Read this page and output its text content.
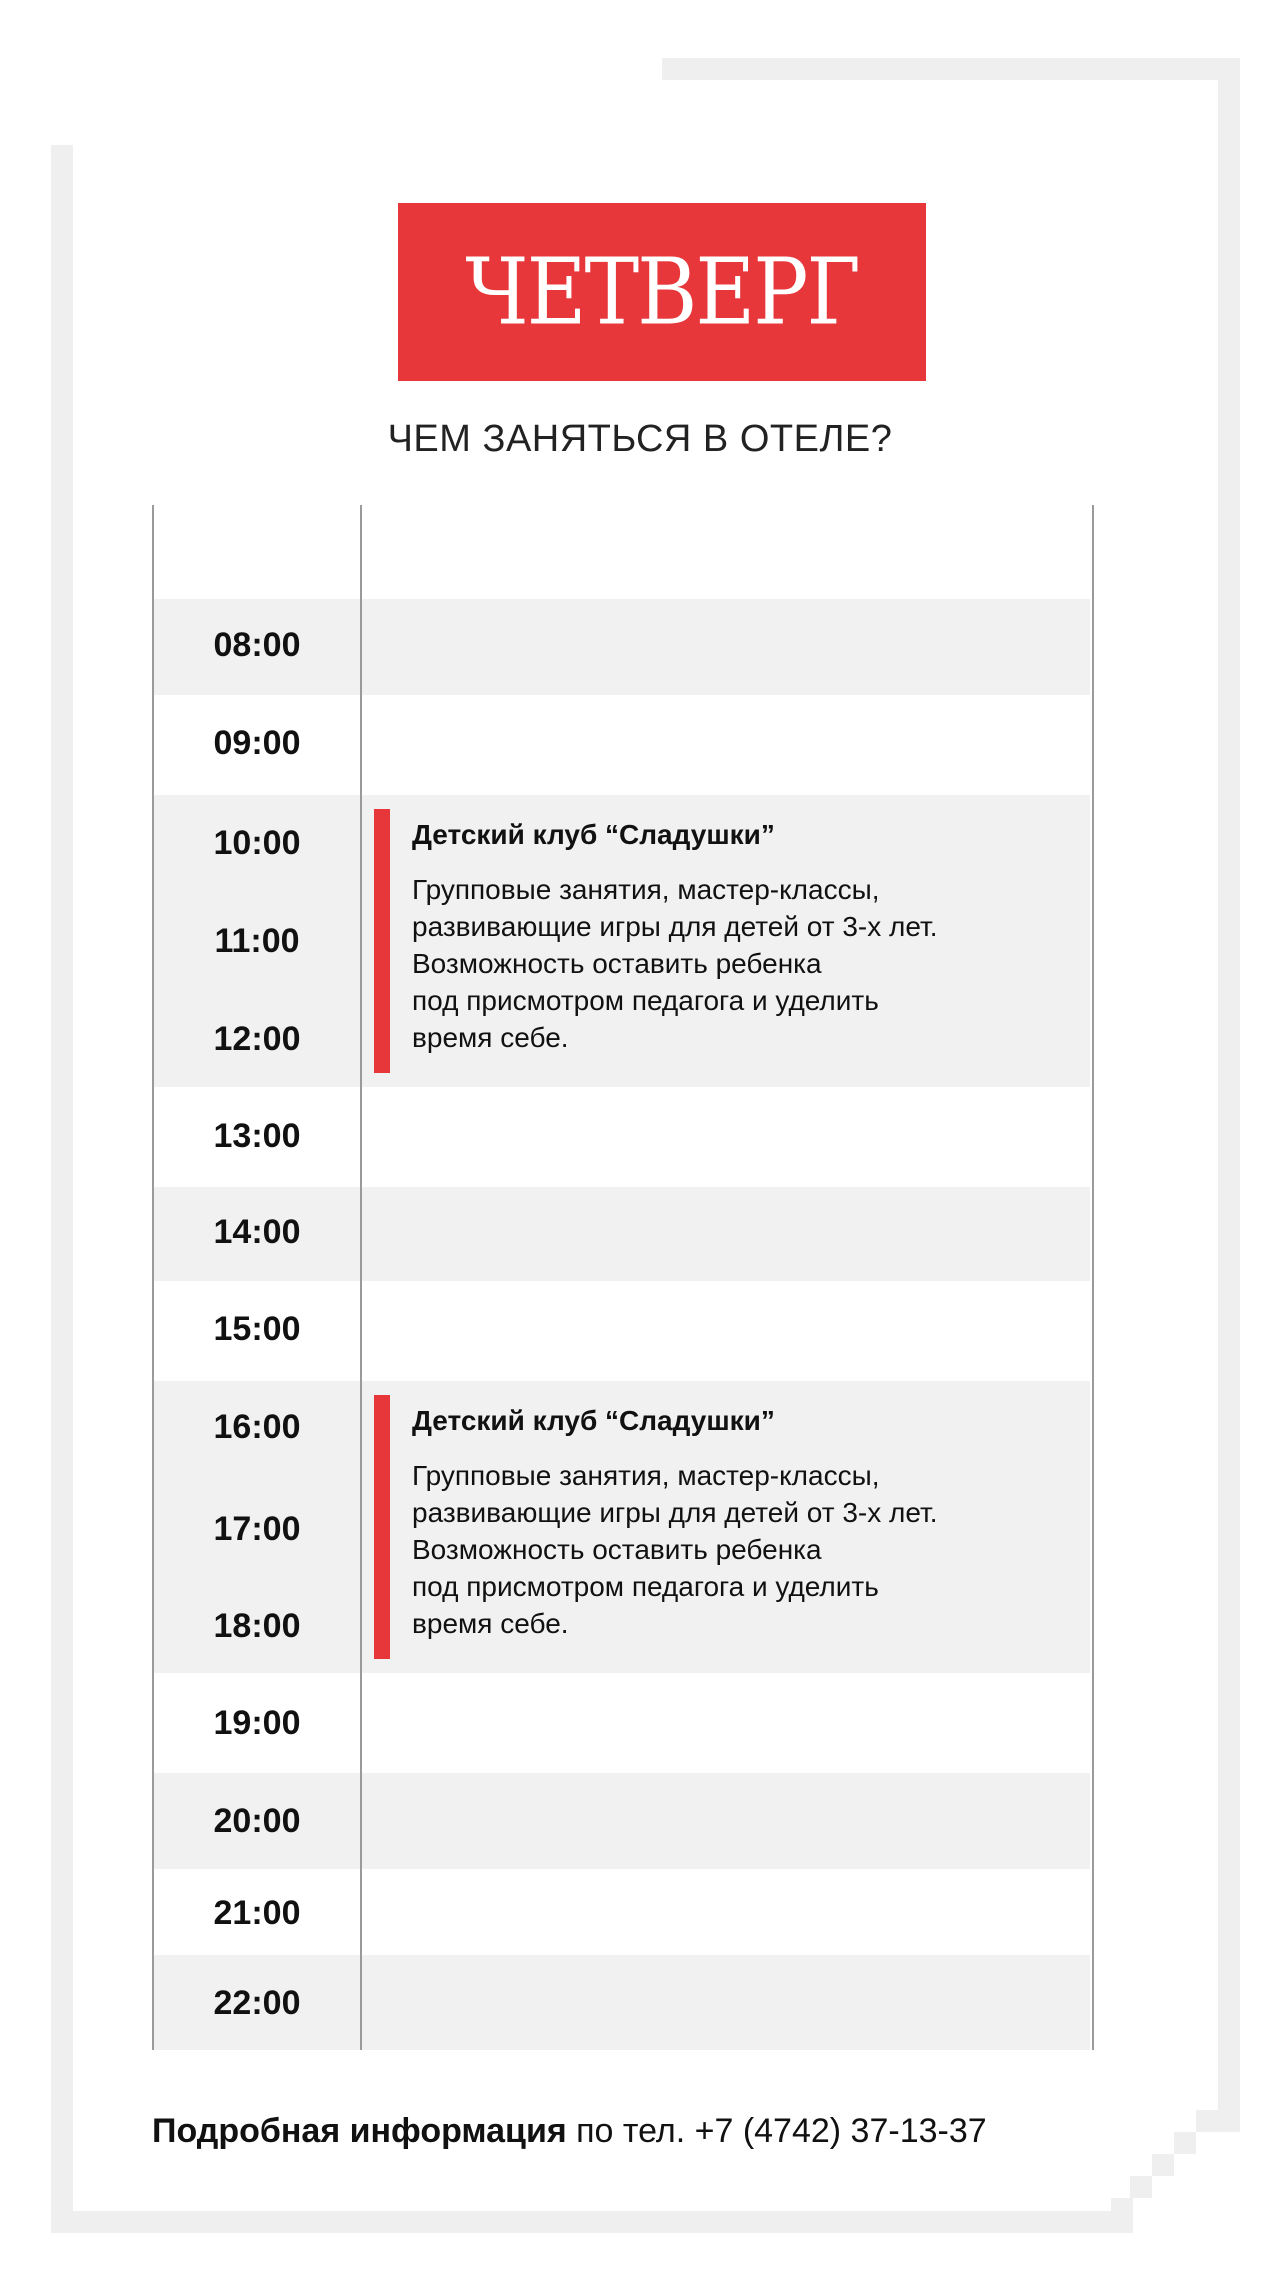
ЧЕТВЕРГ
ЧЕМ ЗАНЯТЬСЯ В ОТЕЛЕ?
08:00
09:00
10:00
11:00
12:00
13:00
14:00
15:00
16:00
17:00
18:00
19:00
20:00
21:00
22:00
Детский клуб “Сладушки”
Групповые занятия, мастер-классы,
развивающие игры для детей от 3-х лет.
Возможность оставить ребенка
под присмотром педагога и уделить
время себе.
Детский клуб “Сладушки”
Групповые занятия, мастер-классы,
развивающие игры для детей от 3-х лет.
Возможность оставить ребенка
под присмотром педагога и уделить
время себе.
Подробная информация по тел. +7 (4742) 37-13-37
